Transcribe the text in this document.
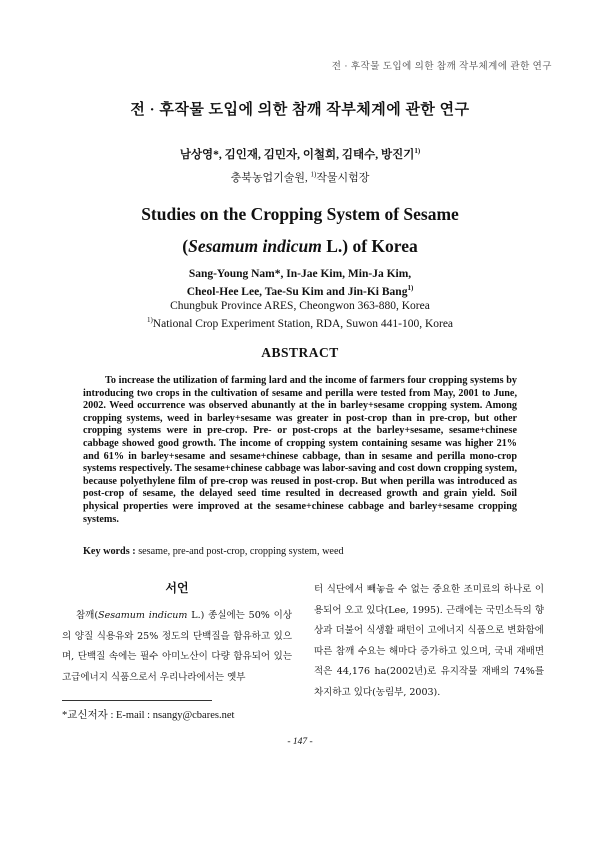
전 · 후작물 도입에 의한 참깨 작부체계에 관한 연구
전 · 후작물 도입에 의한 참깨 작부체계에 관한 연구
남상영*, 김인재, 김민자, 이철희, 김태수, 방진기$^{1)}$
충북농업기술원, $^{1)}$작물시험장
Studies on the Cropping System of Sesame
(Sesamum indicum L.) of Korea
Sang-Young Nam*, In-Jae Kim, Min-Ja Kim,
Cheol-Hee Lee, Tae-Su Kim and Jin-Ki Bang$^{1)}$
Chungbuk Province ARES, Cheongwon 363-880, Korea
$^{1)}$National Crop Experiment Station, RDA, Suwon 441-100, Korea
ABSTRACT
To increase the utilization of farming lard and the income of farmers four cropping systems by introducing two crops in the cultivation of sesame and perilla were tested from May, 2001 to June, 2002. Weed occurrence was observed abunantly at the in barley+sesame cropping system. Among cropping systems, weed in barley+sesame was greater in post-crop than in pre-crop, but other cropping systems were in pre-crop. Pre- or post-crops at the barley+sesame, sesame+chinese cabbage showed good growth. The income of cropping system containing sesame was higher 21% and 61% in barley+sesame and sesame+chinese cabbage, than in sesame and perilla mono-crop systems respectively. The sesame+chinese cabbage was labor-saving and cost down cropping system, because polyethylene film of pre-crop was reused in post-crop. But when perilla was introduced as post-crop of sesame, the delayed seed time resulted in decreased growth and grain yield. Soil physical properties were improved at the sesame+chinese cabbage and barley+sesame cropping systems.
Key words : sesame, pre-and post-crop, cropping system, weed
서언
참깨(Sesamum indicum L.) 종실에는 50% 이상의 양질 식용유와 25% 정도의 단백질을 함유하고 있으며, 단백질 속에는 필수 아미노산이 다량 함유되어 있는 고급에너지 식품으로서 우리나라에서는 옛부
터 식단에서 빼놓을 수 없는 중요한 조미료의 하나로 이용되어 오고 있다(Lee, 1995). 근래에는 국민소득의 향상과 더불어 식생활 패턴이 고에너지 식품으로 변화함에 따른 참깨 수요는 해마다 증가하고 있으며, 국내 재배면적은 44,176 ha(2002년)로 유지작물 재배의 74%를 차지하고 있다(농림부, 2003).
*교신저자 : E-mail : nsangy@cbares.net
- 147 -
